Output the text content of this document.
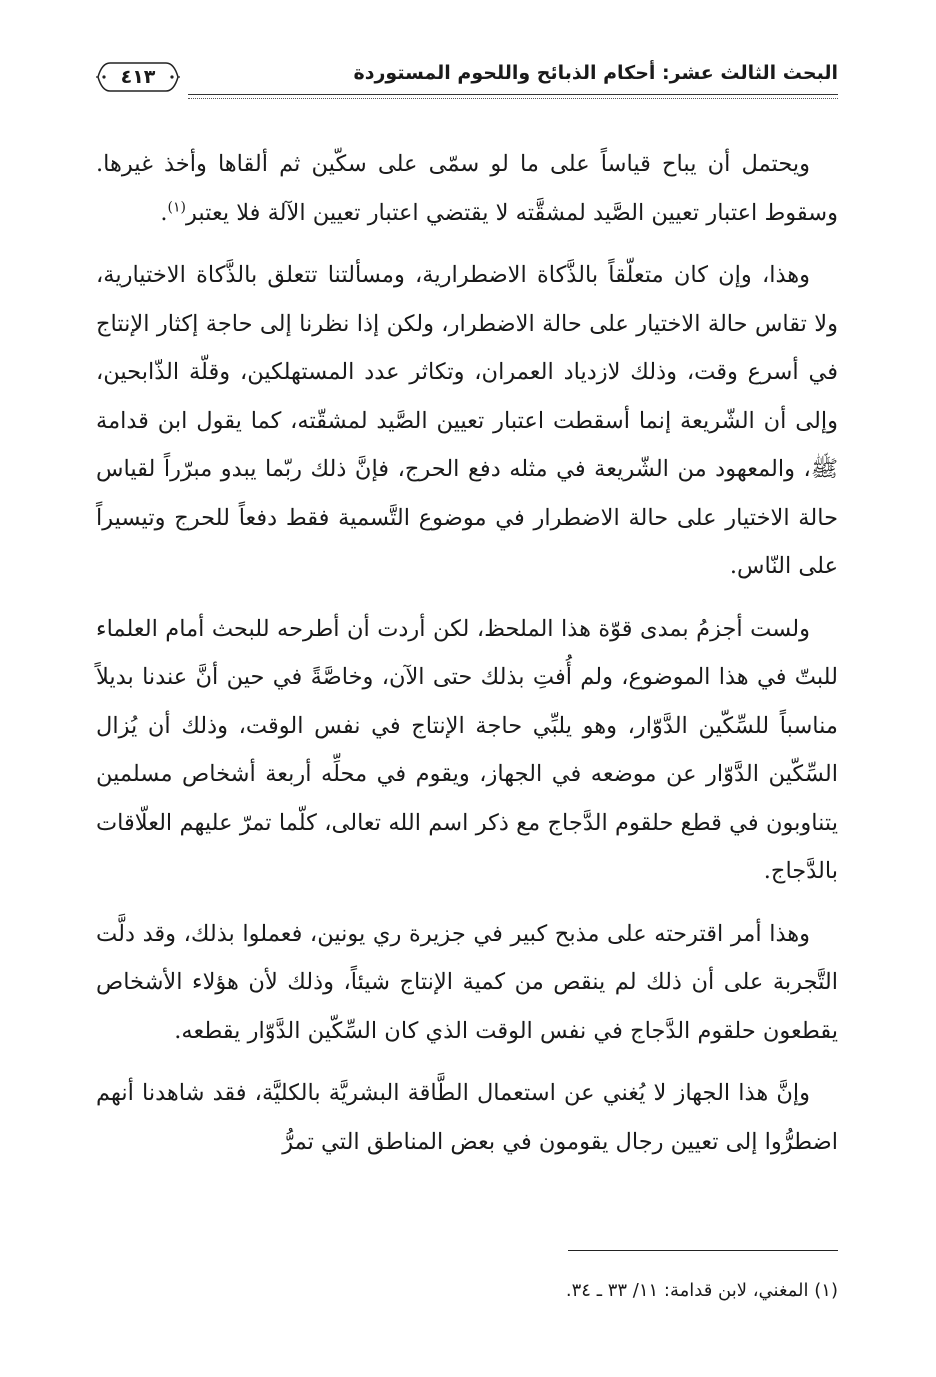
البحث الثالث عشر: أحكام الذبائح واللحوم المستوردة
٤١٣

ويحتمل أن يباح قياساً على ما لو سمّى على سكّين ثم ألقاها وأخذ غيرها. وسقوط اعتبار تعيين الصَّيد لمشقَّته لا يقتضي اعتبار تعيين الآلة فلا يعتبر$^{(١)}$.

وهذا، وإن كان متعلّقاً بالذَّكاة الاضطرارية، ومسألتنا تتعلق بالذَّكاة الاختيارية، ولا تقاس حالة الاختيار على حالة الاضطرار، ولكن إذا نظرنا إلى حاجة إكثار الإنتاج في أسرع وقت، وذلك لازدياد العمران، وتكاثر عدد المستهلكين، وقلّة الذّابحين، وإلى أن الشّريعة إنما أسقطت اعتبار تعيين الصَّيد لمشقّته، كما يقول ابن قدامة ﷺ، والمعهود من الشّريعة في مثله دفع الحرج، فإنَّ ذلك ربّما يبدو مبرّراً لقياس حالة الاختيار على حالة الاضطرار في موضوع التَّسمية فقط دفعاً للحرج وتيسيراً على النّاس.

ولست أجزمُ بمدى قوّة هذا الملحظ، لكن أردت أن أطرحه للبحث أمام العلماء للبتّ في هذا الموضوع، ولم أُفتِ بذلك حتى الآن، وخاصَّةً في حين أنَّ عندنا بديلاً مناسباً للسِّكّين الدَّوّار، وهو يلبِّي حاجة الإنتاج في نفس الوقت، وذلك أن يُزال السِّكّين الدَّوّار عن موضعه في الجهاز، ويقوم في محلِّه أربعة أشخاص مسلمين يتناوبون في قطع حلقوم الدَّجاج مع ذكر اسم الله تعالى، كلّما تمرّ عليهم العلّاقات بالدَّجاج.

وهذا أمر اقترحته على مذبح كبير في جزيرة ري يونين، فعملوا بذلك، وقد دلَّت التَّجربة على أن ذلك لم ينقص من كمية الإنتاج شيئاً، وذلك لأن هؤلاء الأشخاص يقطعون حلقوم الدَّجاج في نفس الوقت الذي كان السِّكّين الدَّوّار يقطعه.

وإنَّ هذا الجهاز لا يُغني عن استعمال الطَّاقة البشريَّة بالكليَّة، فقد شاهدنا أنهم اضطرُّوا إلى تعيين رجال يقومون في بعض المناطق التي تمرُّ

(١) المغني، لابن قدامة: ١١/ ٣٣ ـ ٣٤.
